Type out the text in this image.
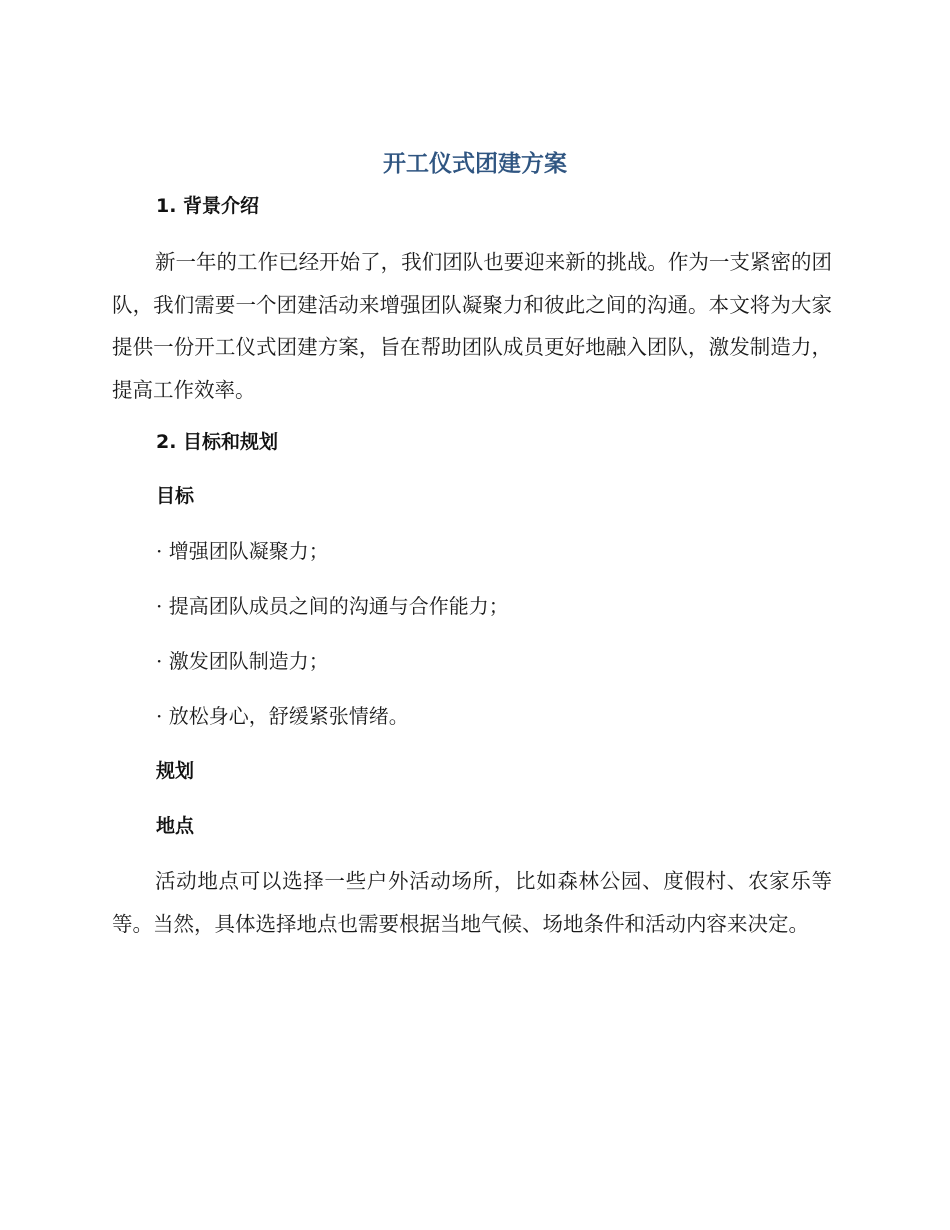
开工仪式团建方案
1. 背景介绍
新一年的工作已经开始了，我们团队也要迎来新的挑战。作为一支紧密的团队，我们需要一个团建活动来增强团队凝聚力和彼此之间的沟通。本文将为大家提供一份开工仪式团建方案，旨在帮助团队成员更好地融入团队，激发制造力，提高工作效率。
2. 目标和规划
目标
· 增强团队凝聚力；
· 提高团队成员之间的沟通与合作能力；
· 激发团队制造力；
· 放松身心，舒缓紧张情绪。
规划
地点
活动地点可以选择一些户外活动场所，比如森林公园、度假村、农家乐等等。当然，具体选择地点也需要根据当地气候、场地条件和活动内容来决定。
